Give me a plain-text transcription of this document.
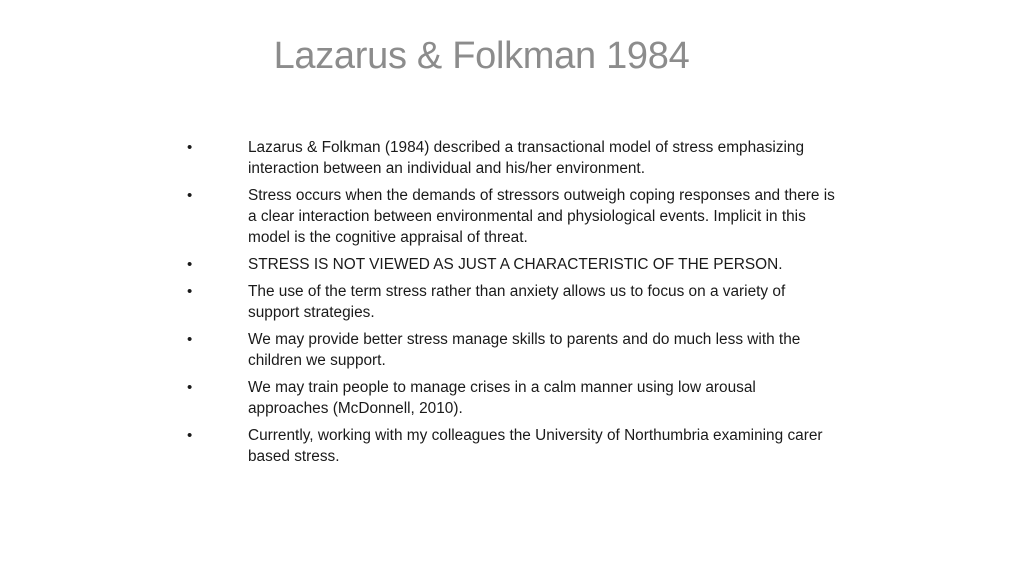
Lazarus & Folkman 1984
•	Lazarus & Folkman (1984) described a transactional model of stress emphasizing interaction between an individual and his/her environment.
•	Stress occurs when the demands of stressors outweigh coping responses and there is a clear interaction between environmental and physiological events. Implicit in this model is the cognitive appraisal of threat.
•	STRESS IS NOT VIEWED AS JUST A CHARACTERISTIC OF THE PERSON.
•	The use of the term stress rather than anxiety allows us to focus on a variety of support strategies.
•	We may provide better stress manage skills to parents and do much less with the children we support.
•	We may train people to manage crises in a calm manner using low arousal approaches (McDonnell, 2010).
•	Currently, working with my colleagues the University of Northumbria examining carer based stress.
